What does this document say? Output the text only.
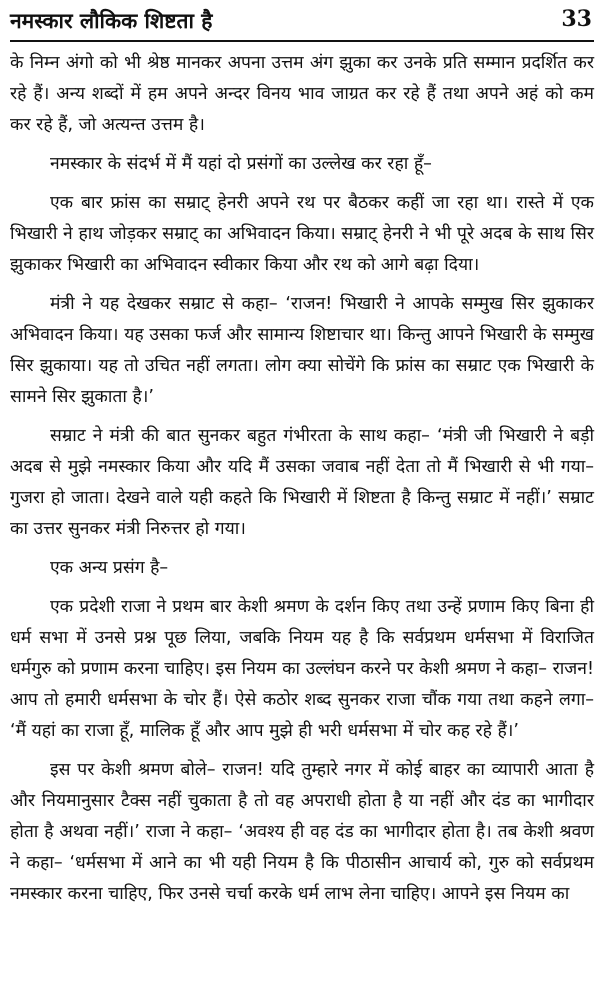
नमस्कार लौकिक शिष्टता है	33

के निम्न अंगो को भी श्रेष्ठ मानकर अपना उत्तम अंग झुका कर उनके प्रति सम्मान प्रदर्शित कर रहे हैं। अन्य शब्दों में हम अपने अन्दर विनय भाव जाग्रत कर रहे हैं तथा अपने अहं को कम कर रहे हैं, जो अत्यन्त उत्तम है।

नमस्कार के संदर्भ में मैं यहां दो प्रसंगों का उल्लेख कर रहा हूँ–

एक बार फ्रांस का सम्राट् हेनरी अपने रथ पर बैठकर कहीं जा रहा था। रास्ते में एक भिखारी ने हाथ जोड़कर सम्राट् का अभिवादन किया। सम्राट् हेनरी ने भी पूरे अदब के साथ सिर झुकाकर भिखारी का अभिवादन स्वीकार किया और रथ को आगे बढ़ा दिया।

मंत्री ने यह देखकर सम्राट से कहा– ‘राजन! भिखारी ने आपके सम्मुख सिर झुकाकर अभिवादन किया। यह उसका फर्ज और सामान्य शिष्टाचार था। किन्तु आपने भिखारी के सम्मुख सिर झुकाया। यह तो उचित नहीं लगता। लोग क्या सोचेंगे कि फ्रांस का सम्राट एक भिखारी के सामने सिर झुकाता है।’

सम्राट ने मंत्री की बात सुनकर बहुत गंभीरता के साथ कहा– ‘मंत्री जी भिखारी ने बड़ी अदब से मुझे नमस्कार किया और यदि मैं उसका जवाब नहीं देता तो मैं भिखारी से भी गया– गुजरा हो जाता। देखने वाले यही कहते कि भिखारी में शिष्टता है किन्तु सम्राट में नहीं।’ सम्राट का उत्तर सुनकर मंत्री निरुत्तर हो गया।

एक अन्य प्रसंग है–

एक प्रदेशी राजा ने प्रथम बार केशी श्रमण के दर्शन किए तथा उन्हें प्रणाम किए बिना ही धर्म सभा में उनसे प्रश्न पूछ लिया, जबकि नियम यह है कि सर्वप्रथम धर्मसभा में विराजित धर्मगुरु को प्रणाम करना चाहिए। इस नियम का उल्लंघन करने पर केशी श्रमण ने कहा– राजन! आप तो हमारी धर्मसभा के चोर हैं। ऐसे कठोर शब्द सुनकर राजा चौंक गया तथा कहने लगा– ‘मैं यहां का राजा हूँ, मालिक हूँ और आप मुझे ही भरी धर्मसभा में चोर कह रहे हैं।’

इस पर केशी श्रमण बोले– राजन! यदि तुम्हारे नगर में कोई बाहर का व्यापारी आता है और नियमानुसार टैक्स नहीं चुकाता है तो वह अपराधी होता है या नहीं और दंड का भागीदार होता है अथवा नहीं।’ राजा ने कहा– ‘अवश्य ही वह दंड का भागीदार होता है। तब केशी श्रवण ने कहा– ‘धर्मसभा में आने का भी यही नियम है कि पीठासीन आचार्य को, गुरु को सर्वप्रथम नमस्कार करना चाहिए, फिर उनसे चर्चा करके धर्म लाभ लेना चाहिए। आपने इस नियम का
